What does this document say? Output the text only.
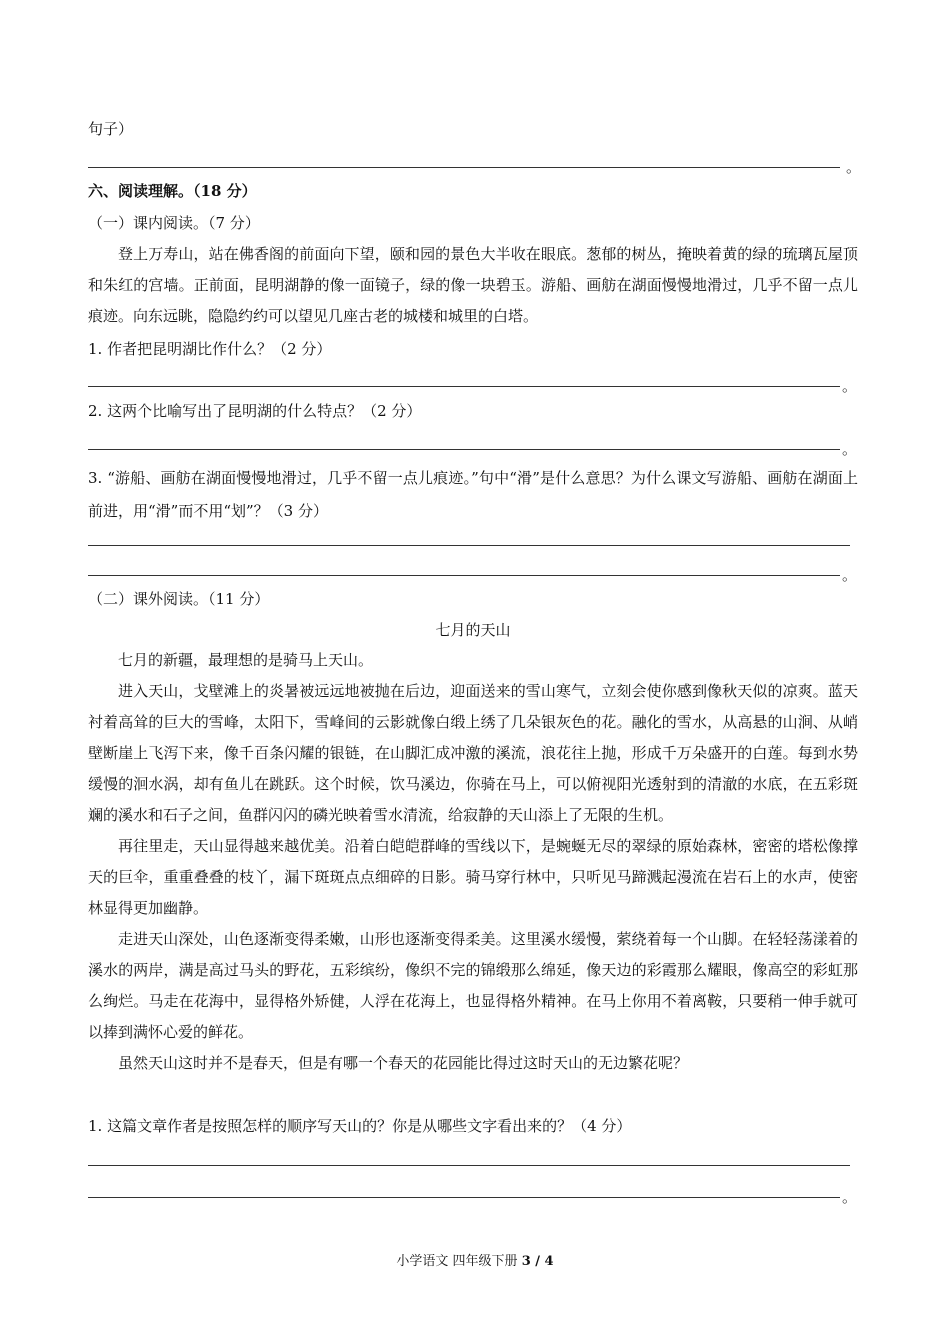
句子）
。
六、阅读理解。（18 分）
（一）课内阅读。（7 分）

登上万寿山，站在佛香阁的前面向下望，颐和园的景色大半收在眼底。葱郁的树丛，掩映着黄的绿的琉璃瓦屋顶和朱红的宫墙。正前面，昆明湖静的像一面镜子，绿的像一块碧玉。游船、画舫在湖面慢慢地滑过，几乎不留一点儿痕迹。向东远眺，隐隐约约可以望见几座古老的城楼和城里的白塔。

1. 作者把昆明湖比作什么？（2 分）
。
2. 这两个比喻写出了昆明湖的什么特点？（2 分）
。
3. “游船、画舫在湖面慢慢地滑过，几乎不留一点儿痕迹。”句中“滑”是什么意思？为什么课文写游船、画舫在湖面上前进，用“滑”而不用“划”？（3 分）
。
（二）课外阅读。（11 分）
七月的天山

七月的新疆，最理想的是骑马上天山。

进入天山，戈壁滩上的炎暑被远远地被抛在后边，迎面送来的雪山寒气，立刻会使你感到像秋天似的凉爽。蓝天衬着高耸的巨大的雪峰，太阳下，雪峰间的云影就像白缎上绣了几朵银灰色的花。融化的雪水，从高悬的山涧、从峭壁断崖上飞泻下来，像千百条闪耀的银链，在山脚汇成冲激的溪流，浪花往上抛，形成千万朵盛开的白莲。每到水势缓慢的洄水涡，却有鱼儿在跳跃。这个时候，饮马溪边，你骑在马上，可以俯视阳光透射到的清澈的水底，在五彩斑斓的溪水和石子之间，鱼群闪闪的磷光映着雪水清流，给寂静的天山添上了无限的生机。

再往里走，天山显得越来越优美。沿着白皑皑群峰的雪线以下，是蜿蜒无尽的翠绿的原始森林，密密的塔松像撑天的巨伞，重重叠叠的枝丫，漏下斑斑点点细碎的日影。骑马穿行林中，只听见马蹄溅起漫流在岩石上的水声，使密林显得更加幽静。

走进天山深处，山色逐渐变得柔嫩，山形也逐渐变得柔美。这里溪水缓慢，萦绕着每一个山脚。在轻轻荡漾着的溪水的两岸，满是高过马头的野花，五彩缤纷，像织不完的锦缎那么绵延，像天边的彩霞那么耀眼，像高空的彩虹那么绚烂。马走在花海中，显得格外矫健，人浮在花海上，也显得格外精神。在马上你用不着离鞍，只要稍一伸手就可以捧到满怀心爱的鲜花。

虽然天山这时并不是春天，但是有哪一个春天的花园能比得过这时天山的无边繁花呢？

1. 这篇文章作者是按照怎样的顺序写天山的？你是从哪些文字看出来的？（4 分）
。
小学语文 四年级下册 3 / 4
